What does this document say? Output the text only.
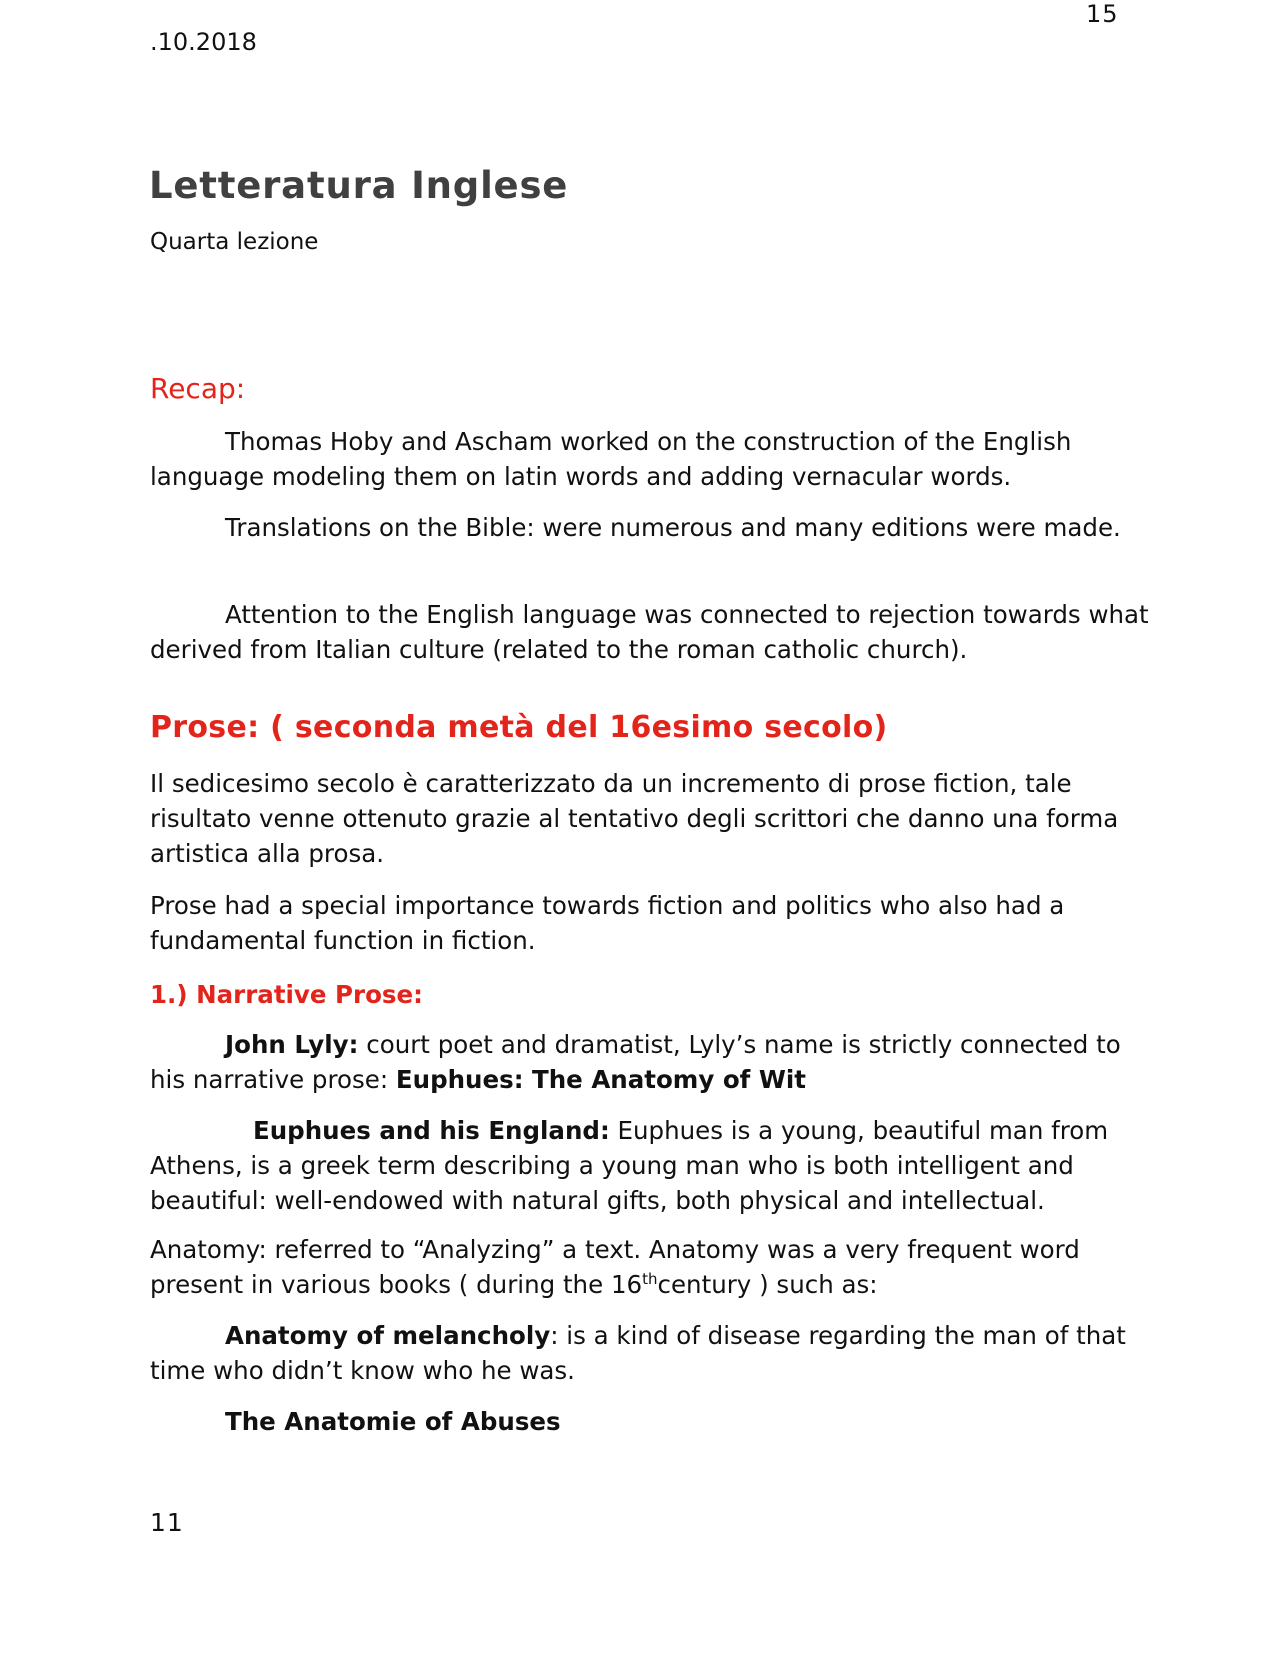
15
.10.2018
Letteratura Inglese
Quarta lezione
Recap:

Thomas Hoby and Ascham worked on the construction of the English language modeling them on latin words and adding vernacular words.

Translations on the Bible: were numerous and many editions were made.

Attention to the English language was connected to rejection towards what derived from Italian culture (related to the roman catholic church).

Prose: ( seconda metà del 16esimo secolo)

Il sedicesimo secolo è caratterizzato da un incremento di prose fiction, tale risultato venne ottenuto grazie al tentativo degli scrittori che danno una forma artistica alla prosa.

Prose had a special importance towards fiction and politics who also had a fundamental function in fiction.

1.) Narrative Prose:

John Lyly: court poet and dramatist, Lyly’s name is strictly connected to his narrative prose: Euphues: The Anatomy of Wit

Euphues and his England: Euphues is a young, beautiful man from Athens, is a greek term describing a young man who is both intelligent and beautiful: well-endowed with natural gifts, both physical and intellectual.

Anatomy: referred to “Analyzing” a text. Anatomy was a very frequent word present in various books ( during the 16thcentury ) such as:

Anatomy of melancholy: is a kind of disease regarding the man of that time who didn’t know who he was.

The Anatomie of Abuses

11
